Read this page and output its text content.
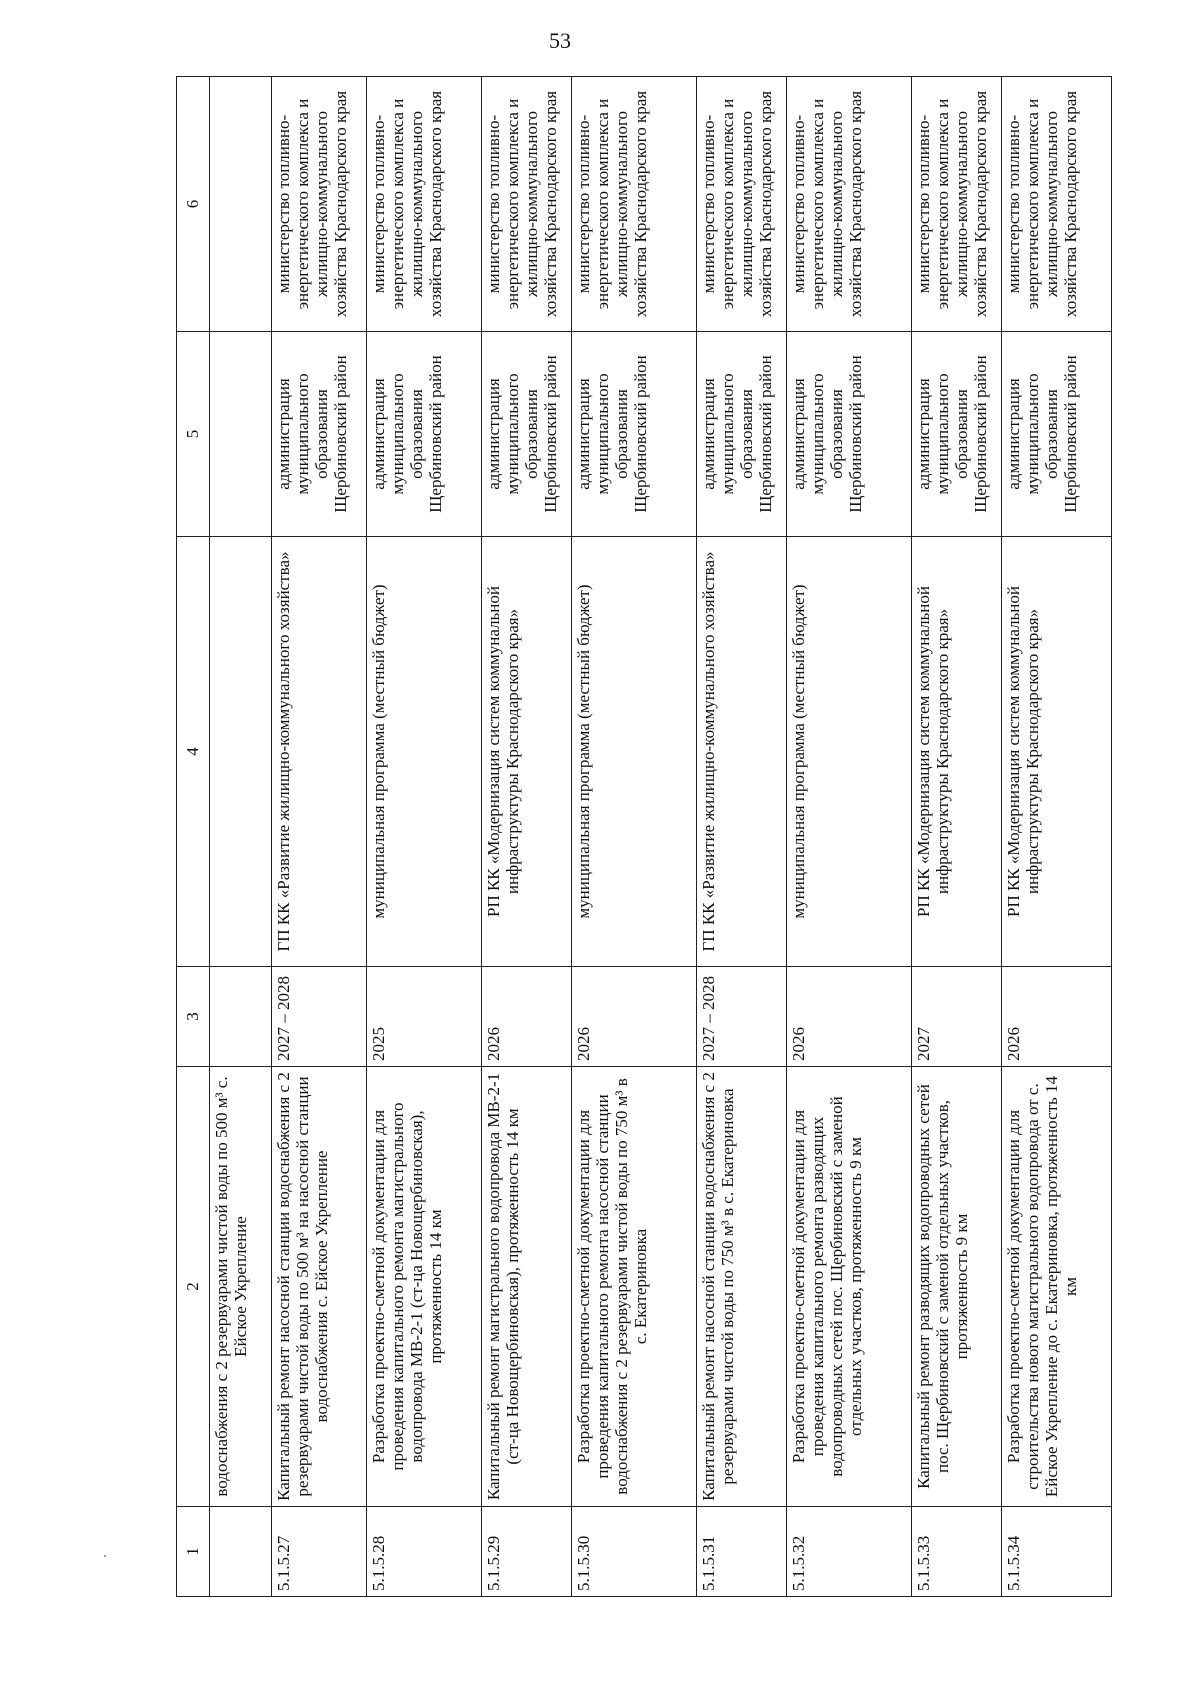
53
1	2	3	4	5	6
	водоснабжения с 2 резервуарами чистой воды по 500 м³ с. Ейское Укрепление				
5.1.5.27	Капитальный ремонт насосной станции водоснабжения с 2 резервуарами чистой воды по 500 м³ на насосной станции водоснабжения с. Ейское Укрепление	2027 – 2028	ГП КК «Развитие жилищно-коммунального хозяйства»	администрация муниципального образования Щербиновский район	министерство топливно-энергетического комплекса и жилищно-коммунального хозяйства Краснодарского края
5.1.5.28	Разработка проектно-сметной документации для проведения капитального ремонта магистрального водопровода МВ-2-1 (ст-ца Новощербиновская), протяженность 14 км	2025	муниципальная программа (местный бюджет)	администрация муниципального образования Щербиновский район	министерство топливно-энергетического комплекса и жилищно-коммунального хозяйства Краснодарского края
5.1.5.29	Капитальный ремонт магистрального водопровода МВ-2-1 (ст-ца Новощербиновская), протяженность 14 км	2026	РП КК «Модернизация систем коммунальной инфраструктуры Краснодарского края»	администрация муниципального образования Щербиновский район	министерство топливно-энергетического комплекса и жилищно-коммунального хозяйства Краснодарского края
5.1.5.30	Разработка проектно-сметной документации для проведения капитального ремонта насосной станции водоснабжения с 2 резервуарами чистой воды по 750 м³ в с. Екатериновка	2026	муниципальная программа (местный бюджет)	администрация муниципального образования Щербиновский район	министерство топливно-энергетического комплекса и жилищно-коммунального хозяйства Краснодарского края
5.1.5.31	Капитальный ремонт насосной станции водоснабжения с 2 резервуарами чистой воды по 750 м³ в с. Екатериновка	2027 – 2028	ГП КК «Развитие жилищно-коммунального хозяйства»	администрация муниципального образования Щербиновский район	министерство топливно-энергетического комплекса и жилищно-коммунального хозяйства Краснодарского края
5.1.5.32	Разработка проектно-сметной документации для проведения капитального ремонта разводящих водопроводных сетей пос. Щербиновский с заменой отдельных участков, протяженность 9 км	2026	муниципальная программа (местный бюджет)	администрация муниципального образования Щербиновский район	министерство топливно-энергетического комплекса и жилищно-коммунального хозяйства Краснодарского края
5.1.5.33	Капитальный ремонт разводящих водопроводных сетей пос. Щербиновский с заменой отдельных участков, протяженность 9 км	2027	РП КК «Модернизация систем коммунальной инфраструктуры Краснодарского края»	администрация муниципального образования Щербиновский район	министерство топливно-энергетического комплекса и жилищно-коммунального хозяйства Краснодарского края
5.1.5.34	Разработка проектно-сметной документации для строительства нового магистрального водопровода от с. Ейское Укрепление до с. Екатериновка, протяженность 14 км	2026	РП КК «Модернизация систем коммунальной инфраструктуры Краснодарского края»	администрация муниципального образования Щербиновский район	министерство топливно-энергетического комплекса и жилищно-коммунального хозяйства Краснодарского края
